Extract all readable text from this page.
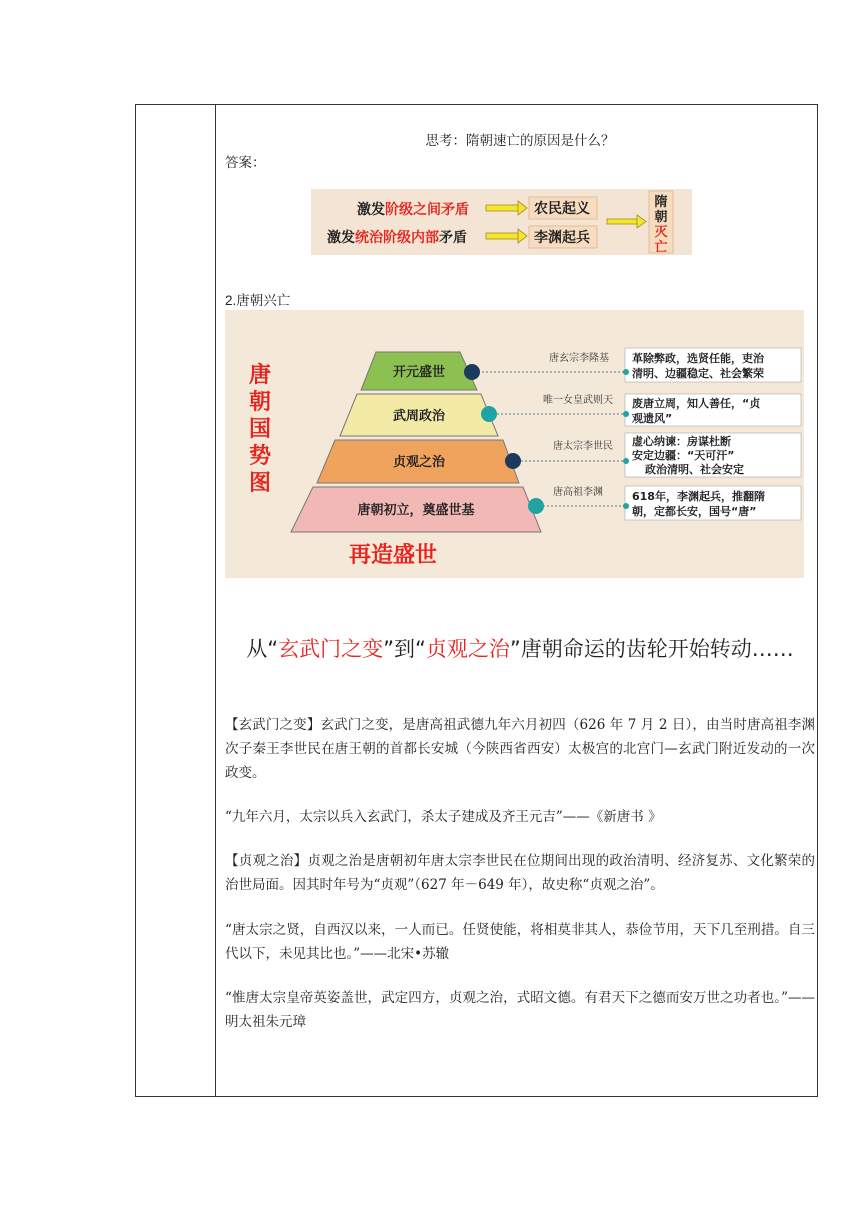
思考：隋朝速亡的原因是什么？

答案：

激发阶级之间矛盾
激发统治阶级内部矛盾
农民起义
李渊起兵
隋
朝
灭
亡

2.唐朝兴亡

唐
朝
国
势
图
开元盛世
武周政治
贞观之治
唐朝初立，奠盛世基
唐玄宗李隆基
唯一女皇武则天
唐太宗李世民
唐高祖李渊
革除弊政，选贤任能，吏治
清明、边疆稳定、社会繁荣
废唐立周，知人善任，“贞
观遗风”
虚心纳谏：房谋杜断
安定边疆：“天可汗”
政治清明、社会安定
618年，李渊起兵，推翻隋
朝，定都长安，国号“唐”
再造盛世
从“玄武门之变”到“贞观之治”唐朝命运的齿轮开始转动……

【玄武门之变】玄武门之变，是唐高祖武德九年六月初四（626 年 7 月 2 日），由当时唐高祖李渊次子秦王李世民在唐王朝的首都长安城（今陕西省西安）太极宫的北宫门—玄武门附近发动的一次政变。

“九年六月，太宗以兵入玄武门，杀太子建成及齐王元吉”——《新唐书 》

【贞观之治】贞观之治是唐朝初年唐太宗李世民在位期间出现的政治清明、经济复苏、文化繁荣的治世局面。因其时年号为“贞观”（627 年－649 年），故史称“贞观之治”。

“唐太宗之贤，自西汉以来，一人而已。任贤使能，将相莫非其人，恭俭节用，天下几至刑措。自三代以下，未见其比也。”——北宋•苏辙

“惟唐太宗皇帝英姿盖世，武定四方，贞观之治，式昭文德。有君天下之德而安万世之功者也。”——明太祖朱元璋
